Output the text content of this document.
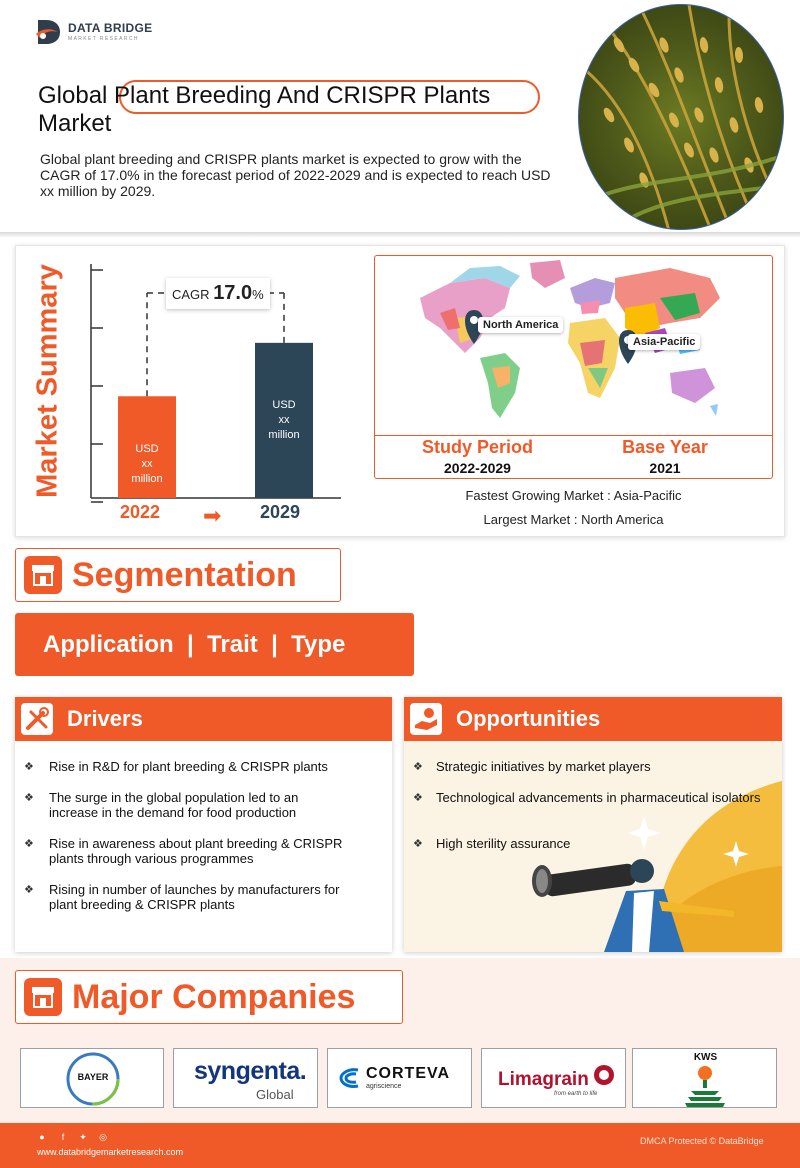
DATA BRIDGE
MARKET RESEARCH
Global Plant Breeding And CRISPR Plants
Market
Global plant breeding and CRISPR plants market is expected to grow with the CAGR of 17.0% in the forecast period of 2022-2029 and is expected to reach USD xx million by 2029.
Market Summary	CAGR 17.0%
USD
xx
million
USD
xx
million
2022 ➡ 2029
North America
Asia-Pacific
Study Period
2022-2029
Base Year
2021
Fastest Growing Market : Asia-Pacific
Largest Market : North America
Segmentation
Application  |  Trait  |  Type
Drivers
❖ Rise in R&D for plant breeding & CRISPR plants
❖ The surge in the global population led to an increase in the demand for food production
❖ Rise in awareness about plant breeding & CRISPR plants through various programmes
❖ Rising in number of launches by manufacturers for plant breeding & CRISPR plants
Opportunities
❖ Strategic initiatives by market players
❖ Technological advancements in pharmaceutical isolators
❖ High sterility assurance
Major Companies
BAYER	syngenta.
Global
CORTEVA
agriscience	Limagrain
from earth to life
KWS
●	f	✦ ◎
www.databridgemarketresearch.com
DMCA Protected © DataBridge
